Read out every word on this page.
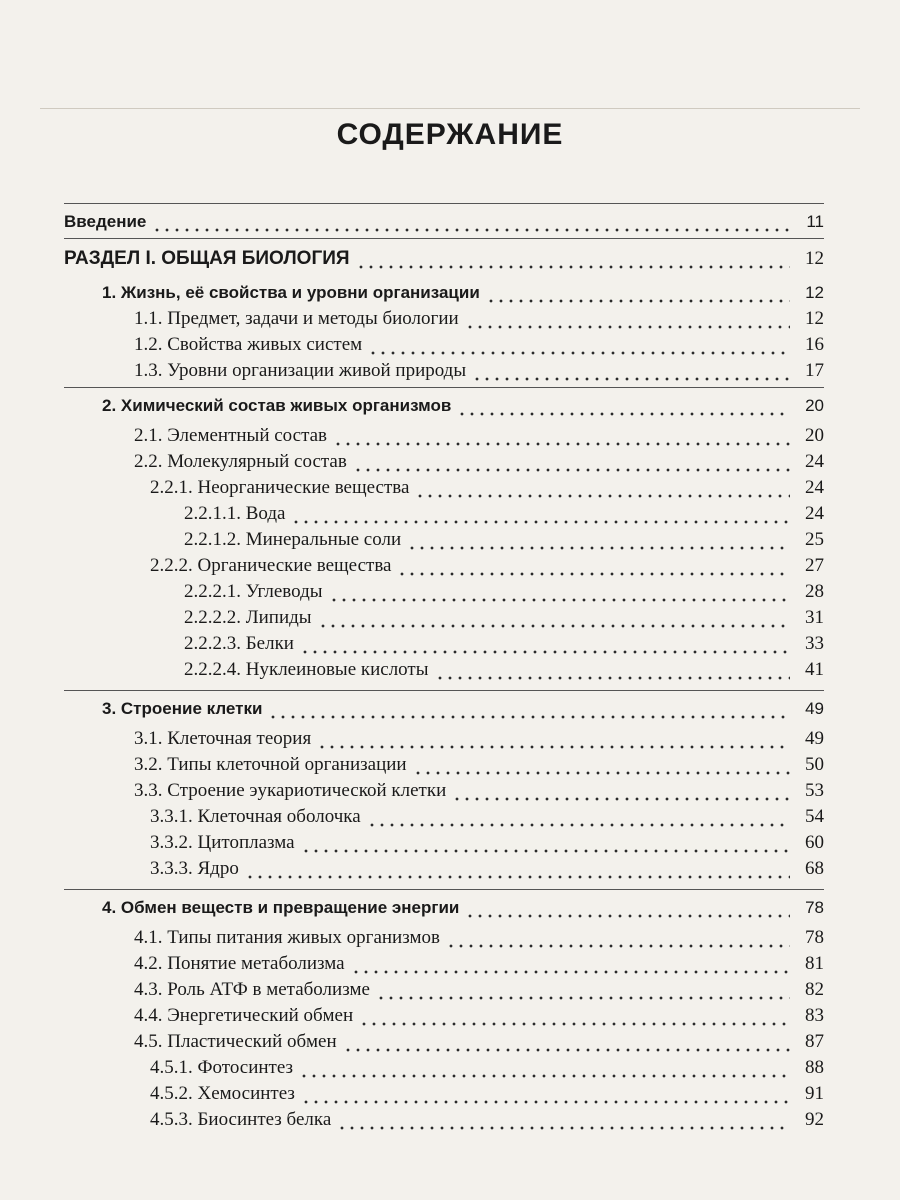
СОДЕРЖАНИЕ
Введение	11
РАЗДЕЛ I. ОБЩАЯ БИОЛОГИЯ	12
1. Жизнь, её свойства и уровни организации	12
1.1. Предмет, задачи и методы биологии	12
1.2. Свойства живых систем	16
1.3. Уровни организации живой природы	17
2. Химический состав живых организмов	20
2.1. Элементный состав	20
2.2. Молекулярный состав	24
2.2.1. Неорганические вещества	24
2.2.1.1. Вода	24
2.2.1.2. Минеральные соли	25
2.2.2. Органические вещества	27
2.2.2.1. Углеводы	28
2.2.2.2. Липиды	31
2.2.2.3. Белки	33
2.2.2.4. Нуклеиновые кислоты	41
3. Строение клетки	49
3.1. Клеточная теория	49
3.2. Типы клеточной организации	50
3.3. Строение эукариотической клетки	53
3.3.1. Клеточная оболочка	54
3.3.2. Цитоплазма	60
3.3.3. Ядро	68
4. Обмен веществ и превращение энергии	78
4.1. Типы питания живых организмов	78
4.2. Понятие метаболизма	81
4.3. Роль АТФ в метаболизме	82
4.4. Энергетический обмен	83
4.5. Пластический обмен	87
4.5.1. Фотосинтез	88
4.5.2. Хемосинтез	91
4.5.3. Биосинтез белка	92
